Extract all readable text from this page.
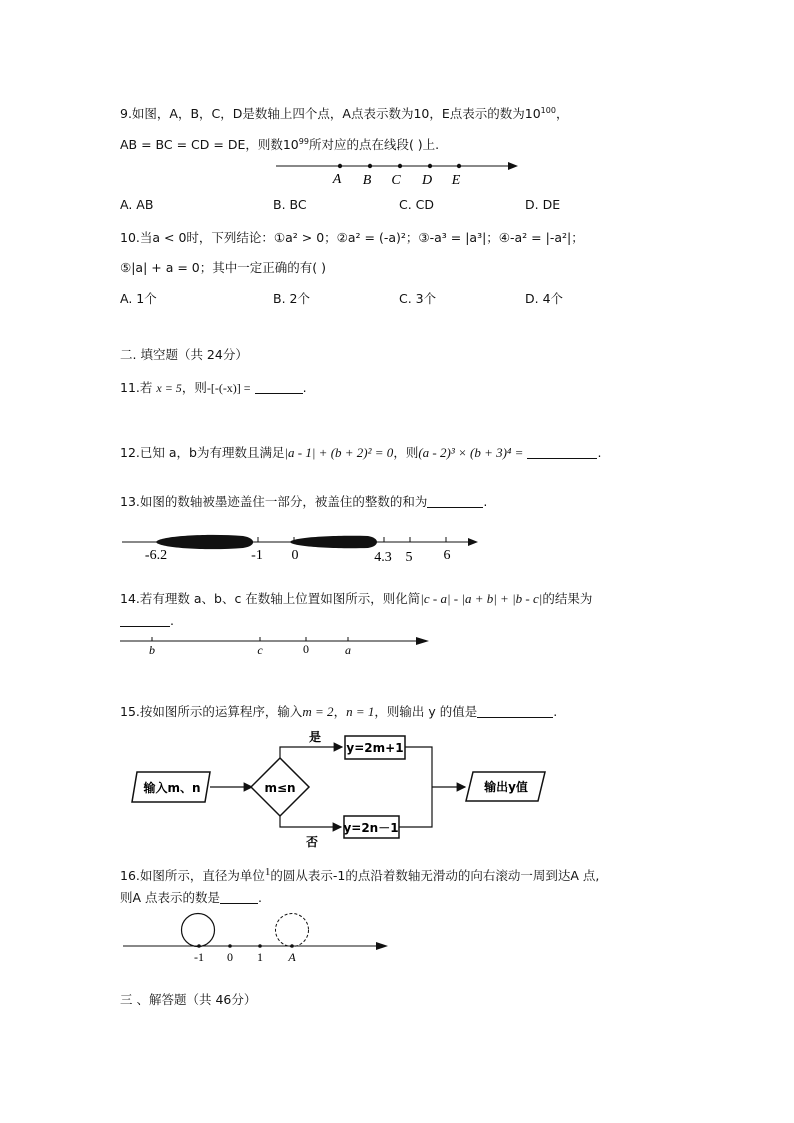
9.如图，A，B，C，D是数轴上四个点，A点表示数为10，E点表示的数为$10^{100}$，
AB = BC = CD = DE，则数$10^{99}$所对应的点在线段( )上.
A B C D E
A. AB	B. BC	C. CD	D. DE
10.当a < 0时，下列结论：①a² > 0；②a² = (-a)²；③-a³ = |a³|；④-a² = |-a²|；
⑤|a| + a = 0；其中一定正确的有( )
A. 1个	B. 2个	C. 3个	D. 4个
二. 填空题（共 24分）
11.若 x = 5，则-[-(-x)] =	.
12.已知 a，b为有理数且满足|a - 1| + (b + 2)² = 0，则(a - 2)³ × (b + 3)⁴ =	.
13.如图的数轴被墨迹盖住一部分，被盖住的整数的和为	.
-6.2	-1 0	4.3 5 6
14.若有理数 a、b、c 在数轴上位置如图所示，则化简|c - a| - |a + b| + |b - c|的结果为
.
b	c	0	a
15.按如图所示的运算程序，输入m = 2，n = 1，则输出 y 的值是	.
输入m、n	m≤n
是
y=2m+1
否
y=2n－1
输出y值
16.如图所示，直径为单位$^1$的圆从表示-1的点沿着数轴无滑动的向右滚动一周到达A 点,
则A 点表示的数是	.
-1 0 1 A
三 、解答题（共 46分）
